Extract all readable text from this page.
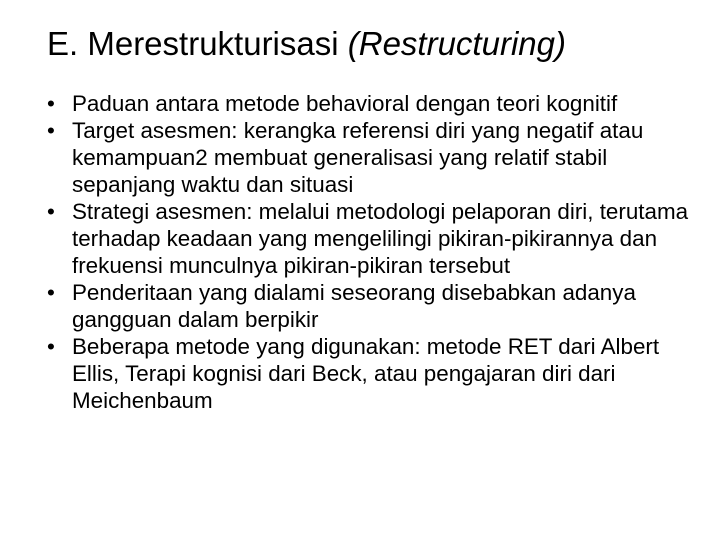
E. Merestrukturisasi (Restructuring)
• Paduan antara metode behavioral dengan teori kognitif
• Target asesmen: kerangka referensi diri yang negatif atau kemampuan2 membuat generalisasi yang relatif stabil sepanjang waktu dan situasi
• Strategi asesmen: melalui metodologi pelaporan diri, terutama terhadap keadaan yang mengelilingi pikiran-pikirannya dan frekuensi munculnya pikiran-pikiran tersebut
• Penderitaan yang dialami seseorang disebabkan adanya gangguan dalam berpikir
• Beberapa metode yang digunakan: metode RET dari Albert Ellis, Terapi kognisi dari Beck, atau pengajaran diri dari Meichenbaum
